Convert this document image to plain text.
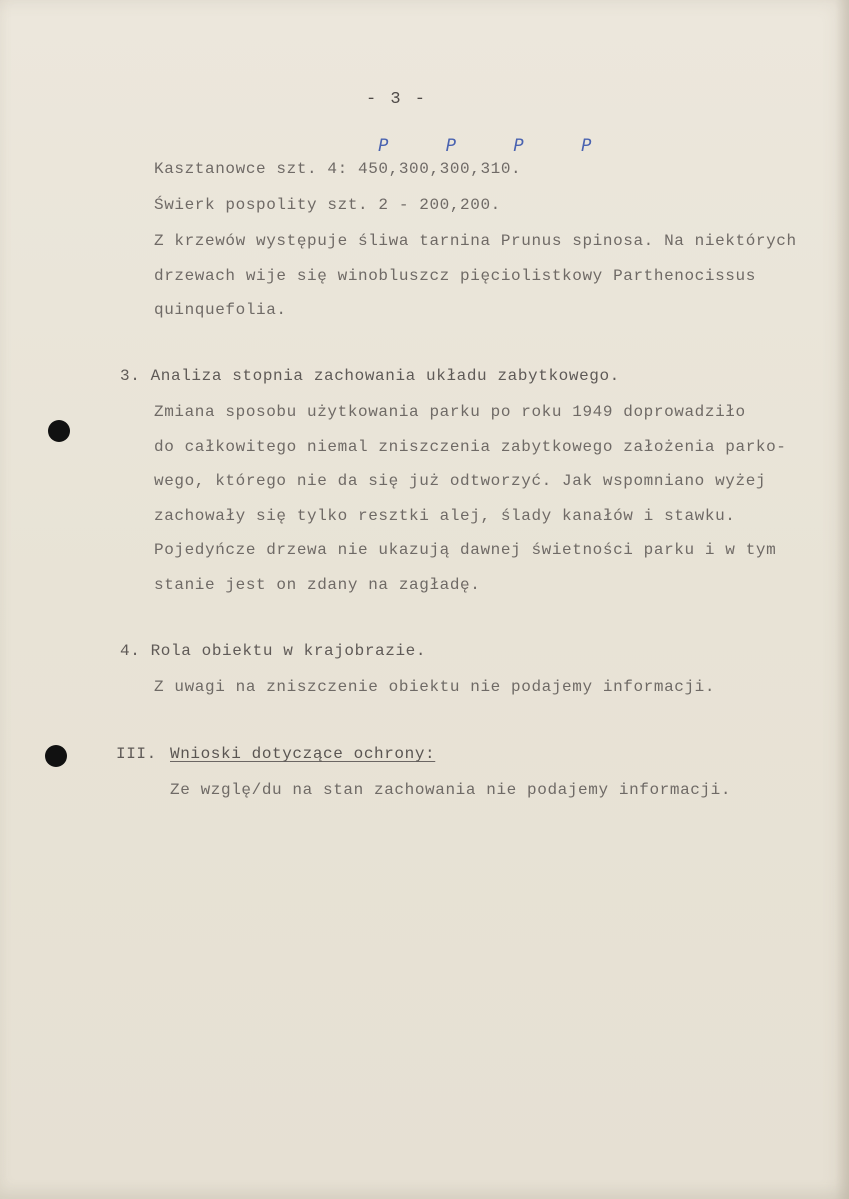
- 3 -
P P P P
Kasztanowce szt. 4: 450,300,300,310.
Świerk pospolity szt. 2 - 200,200.
Z krzewów występuje śliwa tarnina Prunus spinosa. Na niektórych
drzewach wije się winobluszcz pięciolistkowy Parthenocissus
quinquefolia.
3. Analiza stopnia zachowania układu zabytkowego.
Zmiana sposobu użytkowania parku po roku 1949 doprowadziło
do całkowitego niemal zniszczenia zabytkowego założenia parko-
wego, którego nie da się już odtworzyć. Jak wspomniano wyżej
zachowały się tylko resztki alej, ślady kanałów i stawku.
Pojedyńcze drzewa nie ukazują dawnej świetności parku i w tym
stanie jest on zdany na zagładę.
4. Rola obiektu w krajobrazie.
Z uwagi na zniszczenie obiektu nie podajemy informacji.
III. Wnioski dotyczące ochrony:
Ze wzglę/du na stan zachowania nie podajemy informacji.
